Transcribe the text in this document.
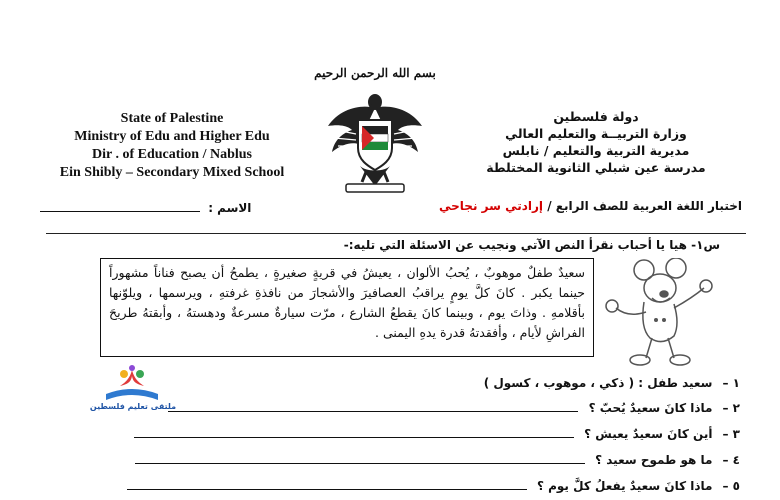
State of Palestine
Ministry of Edu and Higher Edu
Dir . of Education / Nablus
Ein Shibly – Secondary Mixed School
بسم الله الرحمن الرحيم
دولة فلسطين
وزارة التربيــة والتعليم العالي
مديرية التربية والتعليم / نابلس
مدرسة عين شبلي الثانوية المختلطة
اختبار اللغة العربية للصف الرابع / إرادتي سر نجاحي
الاسم :
س١- هيا يا أحباب نقرأ النص الآتي ونجيب عن الاسئلة التي تليه:-
سعيدٌ طفلٌ موهوبٌ ، يُحبُ الألوان ، يعيشُ في قريةٍ صغيرةٍ ، يطمحُ أن يصبح فناناً مشهوراً حينما يكبر . كانَ كلَّ يومٍ يراقبُ العصافيرَ والأشجارَ من نافذةِ غرفتهِ ، ويرسمها ، ويلوّنها بأقلامهِ . وذاتَ يوم ، وبينما كانَ يقطعُ الشارع ، مرّت سيارةٌ مسرعةٌ ودهستهُ ، وأبقتهُ طريحَ الفراشِ لأيام ، وأفقدتهُ قدرة يدهِ اليمنى .
ملتقى تعليم فلسطين
١ –سعيد طفل : ( ذكي ، موهوب ، كسول )
٢ –ماذا كانَ سعيدٌ يُحبّ ؟
٣ –أين كانَ سعيدٌ يعيش ؟
٤ –ما هو طموح سعيد ؟
٥ –ماذا كانَ سعيدٌ يفعلُ كلَّ يوم ؟
